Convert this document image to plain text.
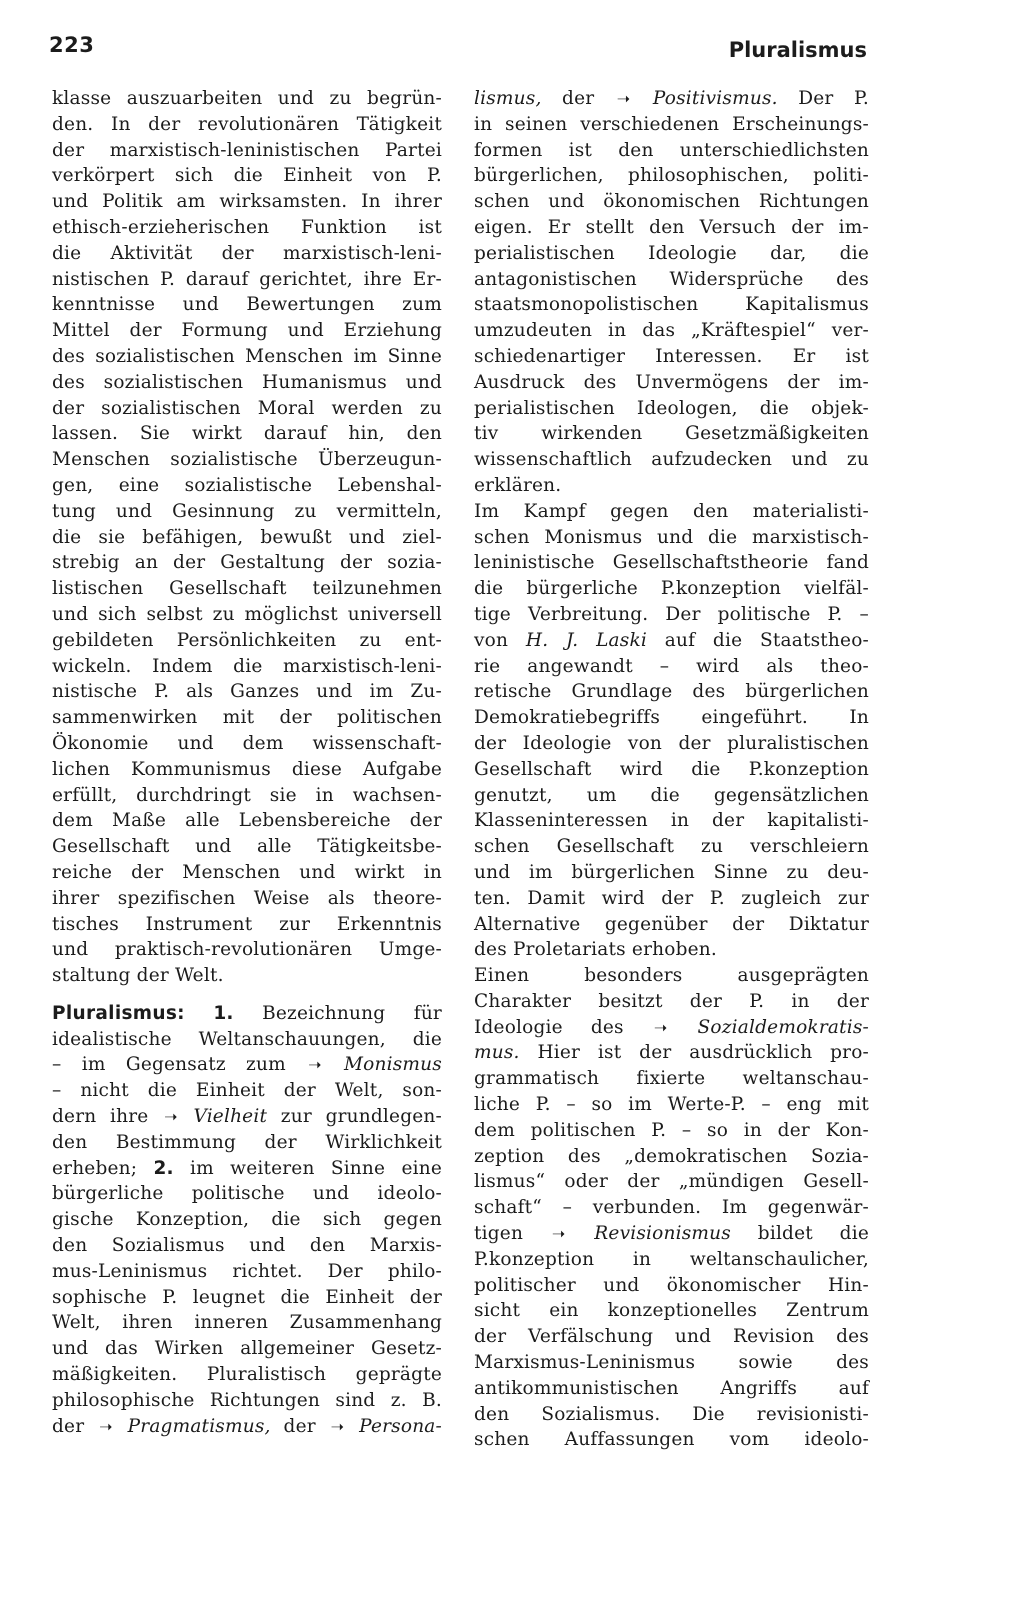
223	Pluralismus
klasse auszuarbeiten und zu begrün-
den. In der revolutionären Tätigkeit
der marxistisch-leninistischen Partei
verkörpert sich die Einheit von P.
und Politik am wirksamsten. In ihrer
ethisch-erzieherischen Funktion ist
die Aktivität der marxistisch-leni-
nistischen P. darauf gerichtet, ihre Er-
kenntnisse und Bewertungen zum
Mittel der Formung und Erziehung
des sozialistischen Menschen im Sinne
des sozialistischen Humanismus und
der sozialistischen Moral werden zu
lassen. Sie wirkt darauf hin, den
Menschen sozialistische Überzeugun-
gen, eine sozialistische Lebenshal-
tung und Gesinnung zu vermitteln,
die sie befähigen, bewußt und ziel-
strebig an der Gestaltung der sozia-
listischen Gesellschaft teilzunehmen
und sich selbst zu möglichst universell
gebildeten Persönlichkeiten zu ent-
wickeln. Indem die marxistisch-leni-
nistische P. als Ganzes und im Zu-
sammenwirken mit der politischen
Ökonomie und dem wissenschaft-
lichen Kommunismus diese Aufgabe
erfüllt, durchdringt sie in wachsen-
dem Maße alle Lebensbereiche der
Gesellschaft und alle Tätigkeitsbe-
reiche der Menschen und wirkt in
ihrer spezifischen Weise als theore-
tisches Instrument zur Erkenntnis
und praktisch-revolutionären Umge-
staltung der Welt.
Pluralismus: 1. Bezeichnung für
idealistische Weltanschauungen, die
– im Gegensatz zum ➝ Monismus
– nicht die Einheit der Welt, son-
dern ihre ➝ Vielheit zur grundlegen-
den Bestimmung der Wirklichkeit
erheben; 2. im weiteren Sinne eine
bürgerliche politische und ideolo-
gische Konzeption, die sich gegen
den Sozialismus und den Marxis-
mus-Leninismus richtet. Der philo-
sophische P. leugnet die Einheit der
Welt, ihren inneren Zusammenhang
und das Wirken allgemeiner Gesetz-
mäßigkeiten. Pluralistisch geprägte
philosophische Richtungen sind z. B.
der ➝ Pragmatismus, der ➝ Persona-
lismus, der ➝ Positivismus. Der P.
in seinen verschiedenen Erscheinungs-
formen ist den unterschiedlichsten
bürgerlichen, philosophischen, politi-
schen und ökonomischen Richtungen
eigen. Er stellt den Versuch der im-
perialistischen Ideologie dar, die
antagonistischen Widersprüche des
staatsmonopolistischen Kapitalismus
umzudeuten in das „Kräftespiel“ ver-
schiedenartiger Interessen. Er ist
Ausdruck des Unvermögens der im-
perialistischen Ideologen, die objek-
tiv wirkenden Gesetzmäßigkeiten
wissenschaftlich aufzudecken und zu
erklären.
Im Kampf gegen den materialisti-
schen Monismus und die marxistisch-
leninistische Gesellschaftstheorie fand
die bürgerliche P.konzeption vielfäl-
tige Verbreitung. Der politische P. –
von H. J. Laski auf die Staatstheo-
rie angewandt – wird als theo-
retische Grundlage des bürgerlichen
Demokratiebegriffs eingeführt. In
der Ideologie von der pluralistischen
Gesellschaft wird die P.konzeption
genutzt, um die gegensätzlichen
Klasseninteressen in der kapitalisti-
schen Gesellschaft zu verschleiern
und im bürgerlichen Sinne zu deu-
ten. Damit wird der P. zugleich zur
Alternative gegenüber der Diktatur
des Proletariats erhoben.
Einen besonders ausgeprägten
Charakter besitzt der P. in der
Ideologie des ➝ Sozialdemokratis-
mus. Hier ist der ausdrücklich pro-
grammatisch fixierte weltanschau-
liche P. – so im Werte-P. – eng mit
dem politischen P. – so in der Kon-
zeption des „demokratischen Sozia-
lismus“ oder der „mündigen Gesell-
schaft“ – verbunden. Im gegenwär-
tigen ➝ Revisionismus bildet die
P.konzeption in weltanschaulicher,
politischer und ökonomischer Hin-
sicht ein konzeptionelles Zentrum
der Verfälschung und Revision des
Marxismus-Leninismus sowie des
antikommunistischen Angriffs auf
den Sozialismus. Die revisionisti-
schen Auffassungen vom ideolo-
